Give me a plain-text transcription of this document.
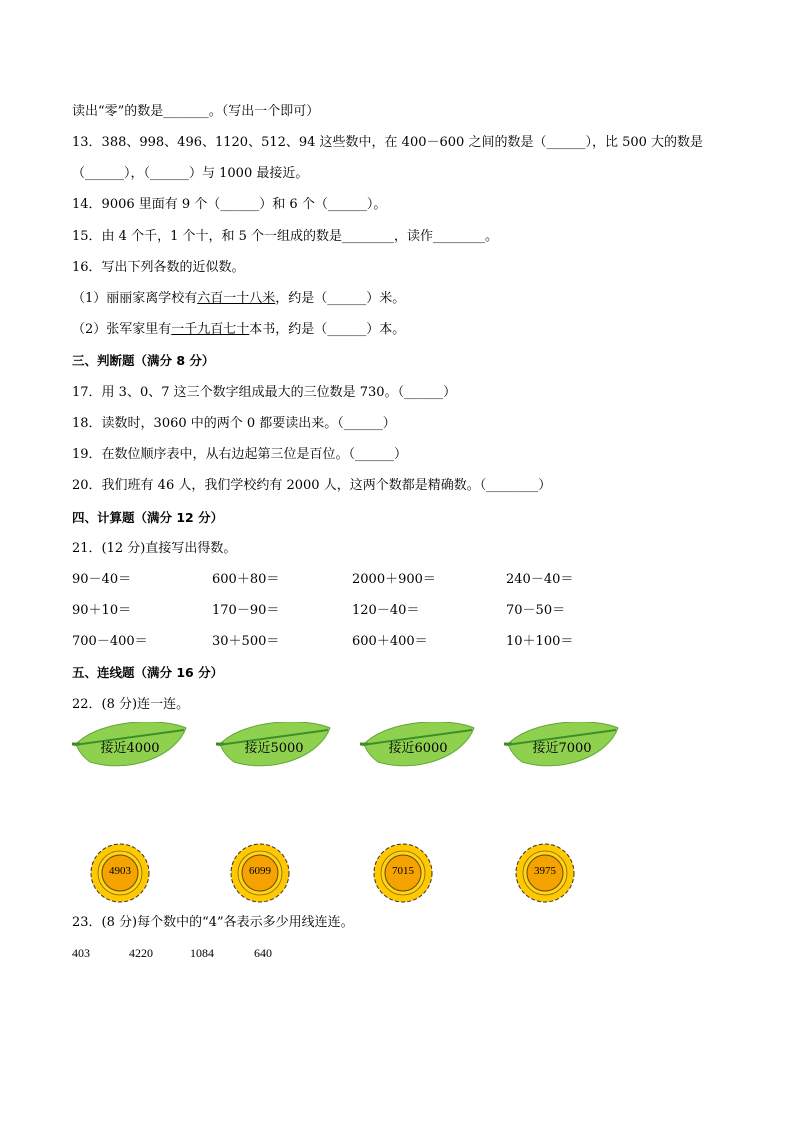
读出“零”的数是_______。（写出一个即可）
13．388、998、496、1120、512、94 这些数中，在 400－600 之间的数是（______），比 500 大的数是
（______），（______）与 1000 最接近。
14．9006 里面有 9 个（______）和 6 个（______）。
15．由 4 个千，1 个十，和 5 个一组成的数是________，读作________。
16．写出下列各数的近似数。
（1）丽丽家离学校有六百一十八米，约是（______）米。
（2）张军家里有一千九百七十本书，约是（______）本。
三、判断题（满分 8 分）
17．用 3、0、7 这三个数字组成最大的三位数是 730。（______）
18．读数时，3060 中的两个 0 都要读出来。（______）
19．在数位顺序表中，从右边起第三位是百位。（______）
20．我们班有 46 人，我们学校约有 2000 人，这两个数都是精确数。（________）
四、计算题（满分 12 分）
21．(12 分)直接写出得数。
90－40＝	600＋80＝	2000＋900＝	240－40＝
90＋10＝	170－90＝	120－40＝	70－50＝
700－400＝	30＋500＝	600＋400＝	10＋100＝
五、连线题（满分 16 分）
22．(8 分)连一连。
接近4000	接近5000	接近6000	接近7000
4903	6099	7015	3975
23．(8 分)每个数中的“4”各表示多少用线连连。
403	4220	1084	640
